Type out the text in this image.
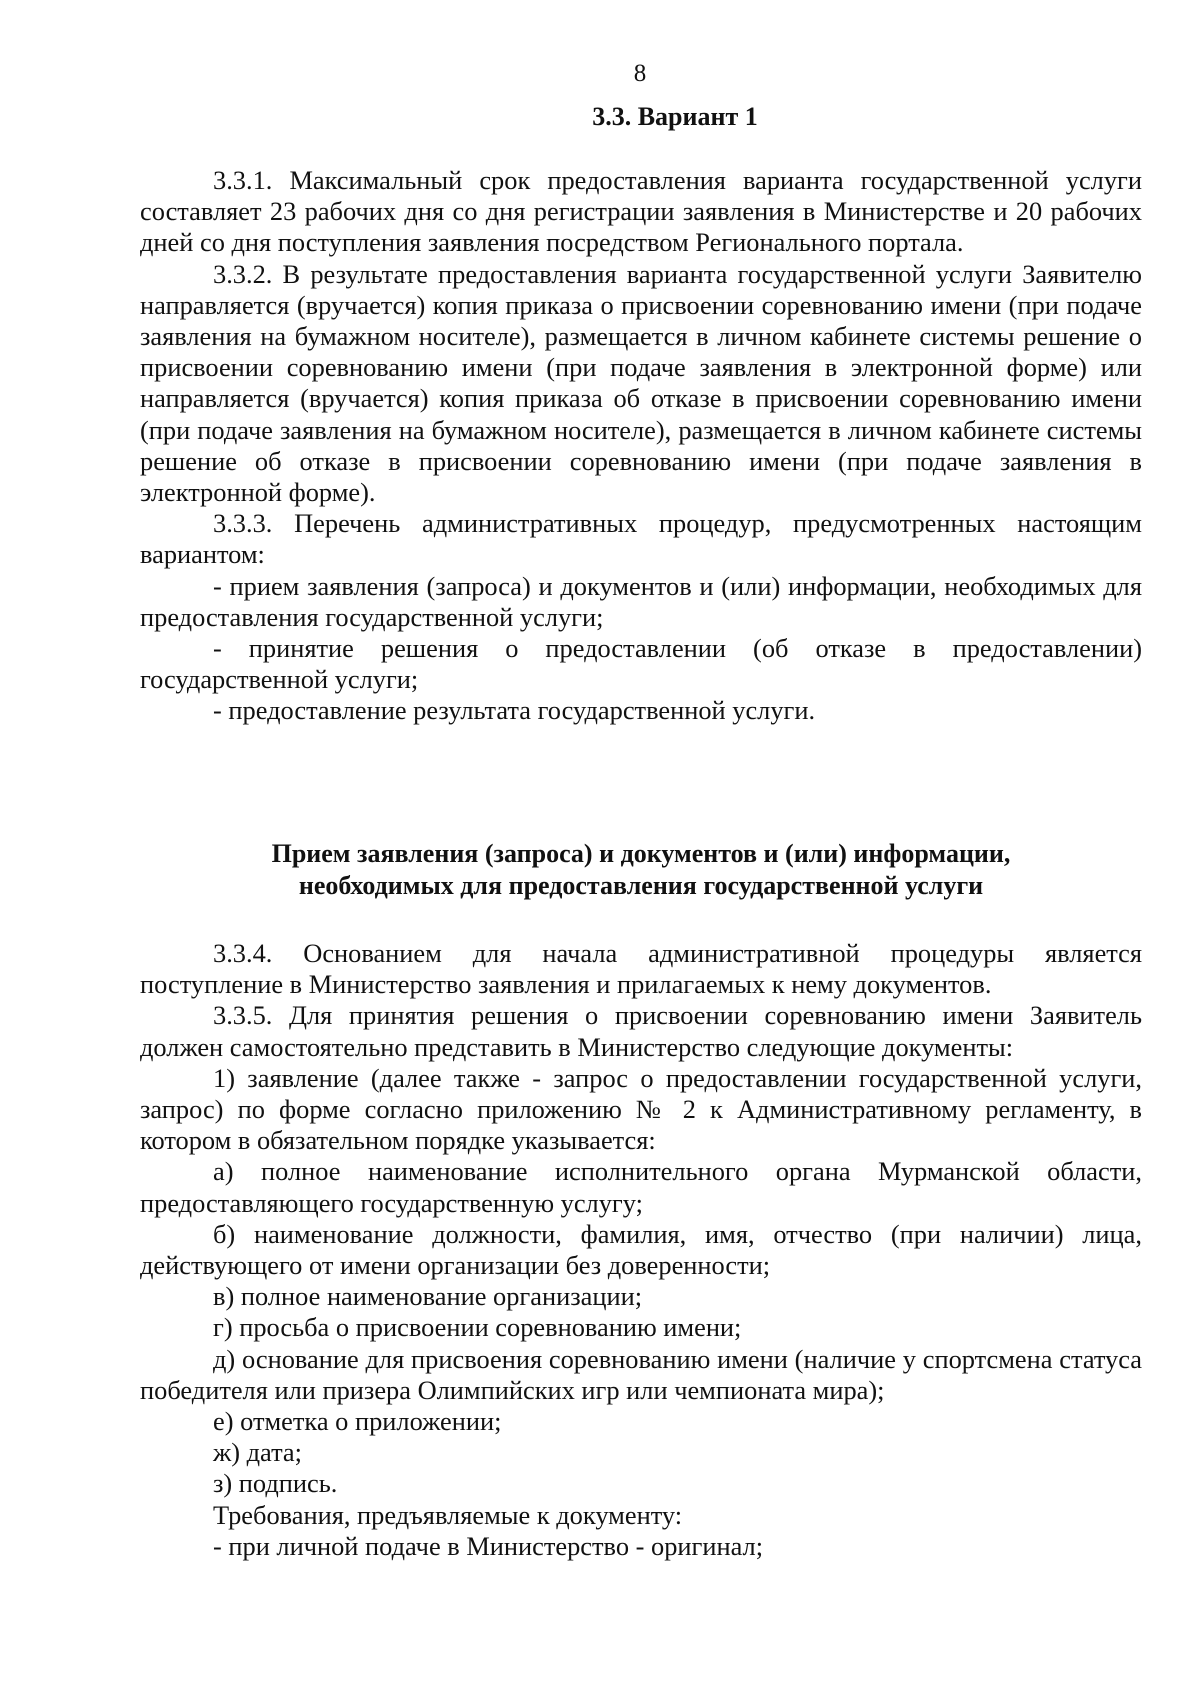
8
3.3. Вариант 1

3.3.1. Максимальный срок предоставления варианта государственной услуги составляет 23 рабочих дня со дня регистрации заявления в Министерстве и 20 рабочих дней со дня поступления заявления посредством Регионального портала.

3.3.2. В результате предоставления варианта государственной услуги Заявителю направляется (вручается) копия приказа о присвоении соревнованию имени (при подаче заявления на бумажном носителе), размещается в личном кабинете системы решение о присвоении соревнованию имени (при подаче заявления в электронной форме) или направляется (вручается) копия приказа об отказе в присвоении соревнованию имени (при подаче заявления на бумажном носителе), размещается в личном кабинете системы решение об отказе в присвоении соревнованию имени (при подаче заявления в электронной форме).

3.3.3. Перечень административных процедур, предусмотренных настоящим вариантом:

- прием заявления (запроса) и документов и (или) информации, необходимых для предоставления государственной услуги;

- принятие решения о предоставлении (об отказе в предоставлении) государственной услуги;

- предоставление результата государственной услуги.

Прием заявления (запроса) и документов и (или) информации,
необходимых для предоставления государственной услуги

3.3.4. Основанием для начала административной процедуры является поступление в Министерство заявления и прилагаемых к нему документов.

3.3.5. Для принятия решения о присвоении соревнованию имени Заявитель должен самостоятельно представить в Министерство следующие документы:

1) заявление (далее также - запрос о предоставлении государственной услуги, запрос) по форме согласно приложению № 2 к Административному регламенту, в котором в обязательном порядке указывается:

а) полное наименование исполнительного органа Мурманской области, предоставляющего государственную услугу;

б) наименование должности, фамилия, имя, отчество (при наличии) лица, действующего от имени организации без доверенности;

в) полное наименование организации;

г) просьба о присвоении соревнованию имени;

д) основание для присвоения соревнованию имени (наличие у спортсмена статуса победителя или призера Олимпийских игр или чемпионата мира);

е) отметка о приложении;

ж) дата;

з) подпись.

Требования, предъявляемые к документу:

- при личной подаче в Министерство - оригинал;
